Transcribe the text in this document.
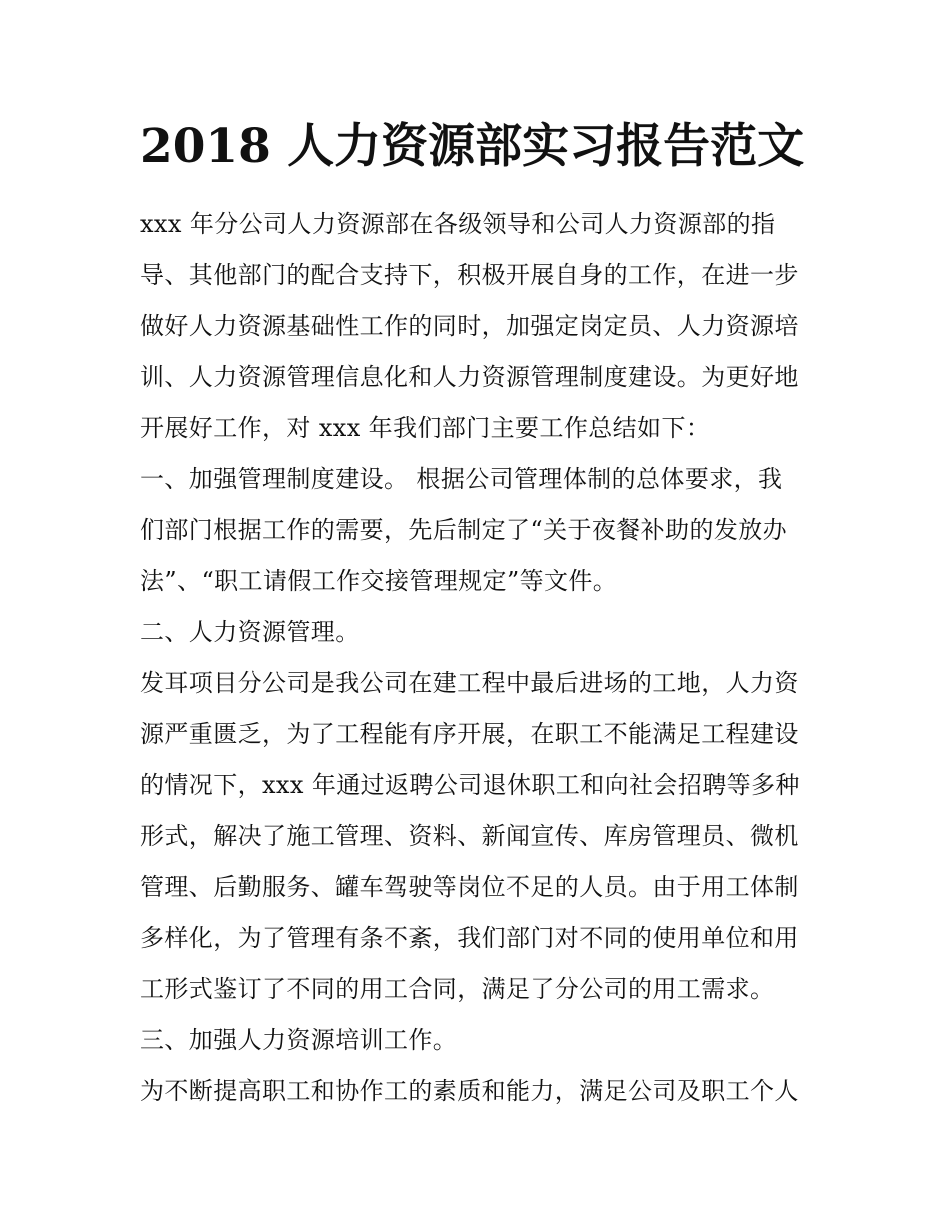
2018 人力资源部实习报告范文

xxx 年分公司人力资源部在各级领导和公司人力资源部的指
导、其他部门的配合支持下，积极开展自身的工作，在进一步
做好人力资源基础性工作的同时，加强定岗定员、人力资源培
训、人力资源管理信息化和人力资源管理制度建设。为更好地
开展好工作，对 xxx 年我们部门主要工作总结如下：

一、加强管理制度建设。 根据公司管理体制的总体要求，我
们部门根据工作的需要，先后制定了“关于夜餐补助的发放办
法”、“职工请假工作交接管理规定”等文件。

二、人力资源管理。

发耳项目分公司是我公司在建工程中最后进场的工地，人力资
源严重匮乏，为了工程能有序开展，在职工不能满足工程建设
的情况下，xxx 年通过返聘公司退休职工和向社会招聘等多种
形式，解决了施工管理、资料、新闻宣传、库房管理员、微机
管理、后勤服务、罐车驾驶等岗位不足的人员。由于用工体制
多样化，为了管理有条不紊，我们部门对不同的使用单位和用
工形式鉴订了不同的用工合同，满足了分公司的用工需求。

三、加强人力资源培训工作。

为不断提高职工和协作工的素质和能力，满足公司及职工个人
